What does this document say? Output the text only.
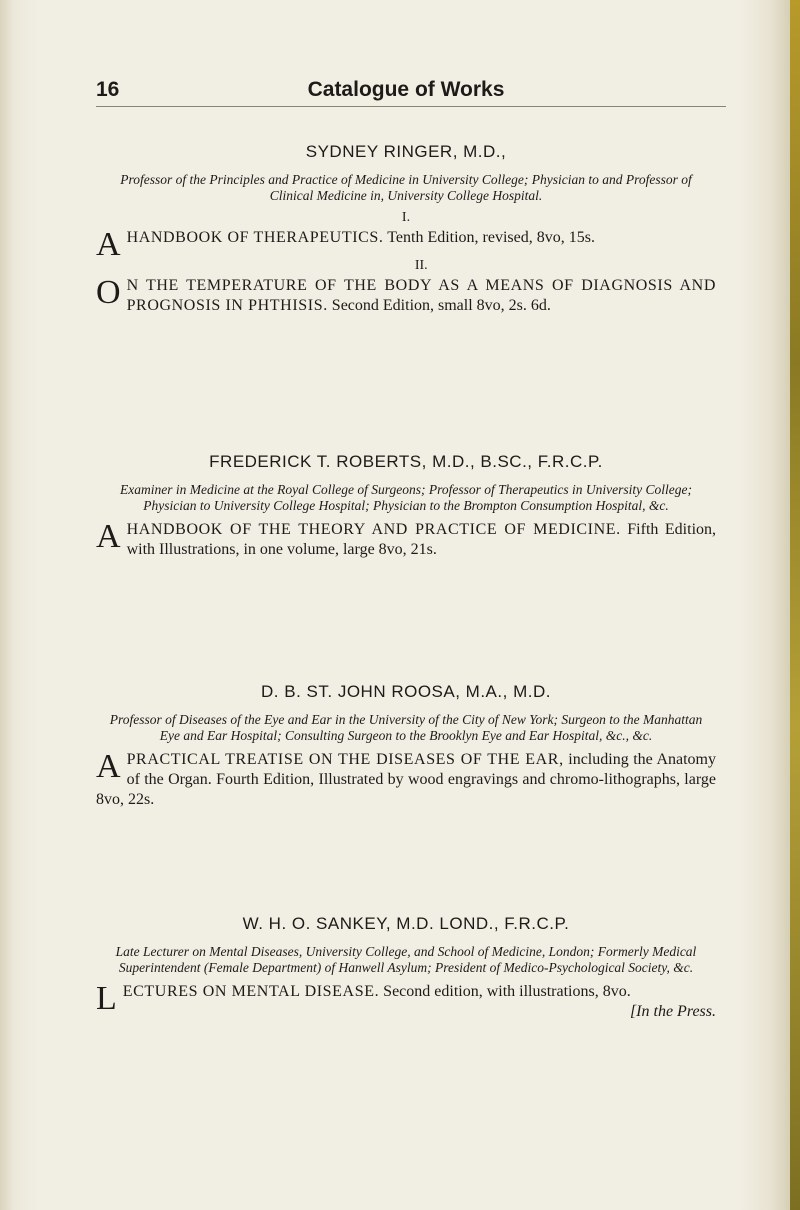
16	Catalogue of Works
SYDNEY RINGER, M.D.,
Professor of the Principles and Practice of Medicine in University College; Physician to and Professor of Clinical Medicine in, University College Hospital.
I.
A HANDBOOK OF THERAPEUTICS. Tenth Edition, revised, 8vo, 15s.
II.
O N THE TEMPERATURE OF THE BODY AS A MEANS OF DIAGNOSIS AND PROGNOSIS IN PHTHISIS. Second Edition, small 8vo, 2s. 6d.
FREDERICK T. ROBERTS, M.D., B.SC., F.R.C.P.
Examiner in Medicine at the Royal College of Surgeons; Professor of Therapeutics in University College; Physician to University College Hospital; Physician to the Brompton Consumption Hospital, &c.
A HANDBOOK OF THE THEORY AND PRACTICE OF MEDICINE. Fifth Edition, with Illustrations, in one volume, large 8vo, 21s.
D. B. ST. JOHN ROOSA, M.A., M.D.
Professor of Diseases of the Eye and Ear in the University of the City of New York; Surgeon to the Manhattan Eye and Ear Hospital; Consulting Surgeon to the Brooklyn Eye and Ear Hospital, &c., &c.
A PRACTICAL TREATISE ON THE DISEASES OF THE EAR, including the Anatomy of the Organ. Fourth Edition, Illustrated by wood engravings and chromo-lithographs, large 8vo, 22s.
W. H. O. SANKEY, M.D. LOND., F.R.C.P.
Late Lecturer on Mental Diseases, University College, and School of Medicine, London; Formerly Medical Superintendent (Female Department) of Hanwell Asylum; President of Medico-Psychological Society, &c.
L ECTURES ON MENTAL DISEASE. Second edition, with illustrations, 8vo.
[In the Press.
